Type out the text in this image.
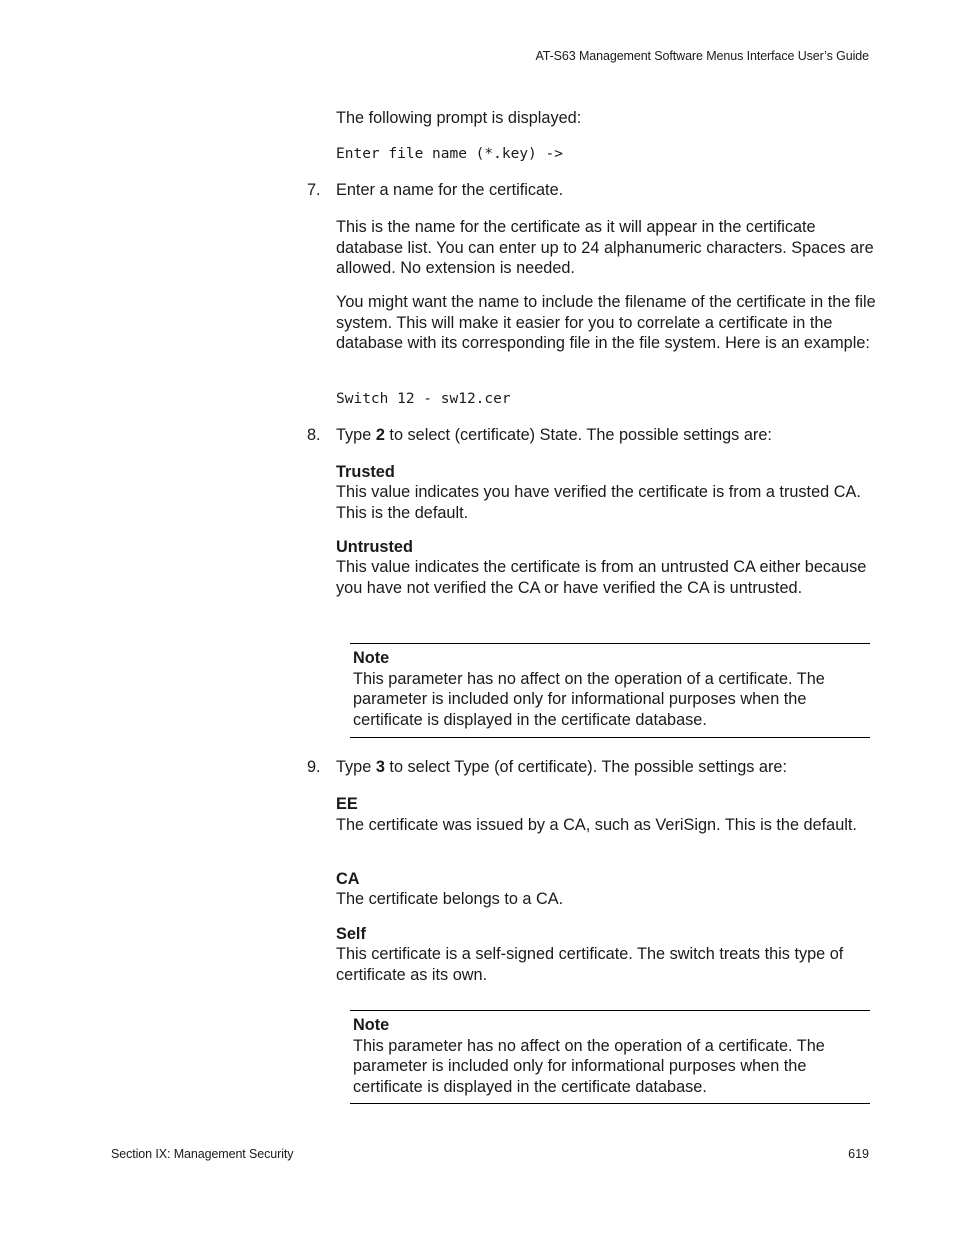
AT-S63 Management Software Menus Interface User’s Guide
The following prompt is displayed:
Enter file name (*.key) ->
7. Enter a name for the certificate.
This is the name for the certificate as it will appear in the certificate database list. You can enter up to 24 alphanumeric characters. Spaces are allowed. No extension is needed.
You might want the name to include the filename of the certificate in the file system. This will make it easier for you to correlate a certificate in the database with its corresponding file in the file system. Here is an example:
Switch 12 - sw12.cer
8. Type 2 to select (certificate) State. The possible settings are:
Trusted
This value indicates you have verified the certificate is from a trusted CA. This is the default.
Untrusted
This value indicates the certificate is from an untrusted CA either because you have not verified the CA or have verified the CA is untrusted.
Note
This parameter has no affect on the operation of a certificate. The parameter is included only for informational purposes when the certificate is displayed in the certificate database.
9. Type 3 to select Type (of certificate). The possible settings are:
EE
The certificate was issued by a CA, such as VeriSign. This is the default.
CA
The certificate belongs to a CA.
Self
This certificate is a self-signed certificate. The switch treats this type of certificate as its own.
Note
This parameter has no affect on the operation of a certificate. The parameter is included only for informational purposes when the certificate is displayed in the certificate database.
Section IX: Management Security	619
